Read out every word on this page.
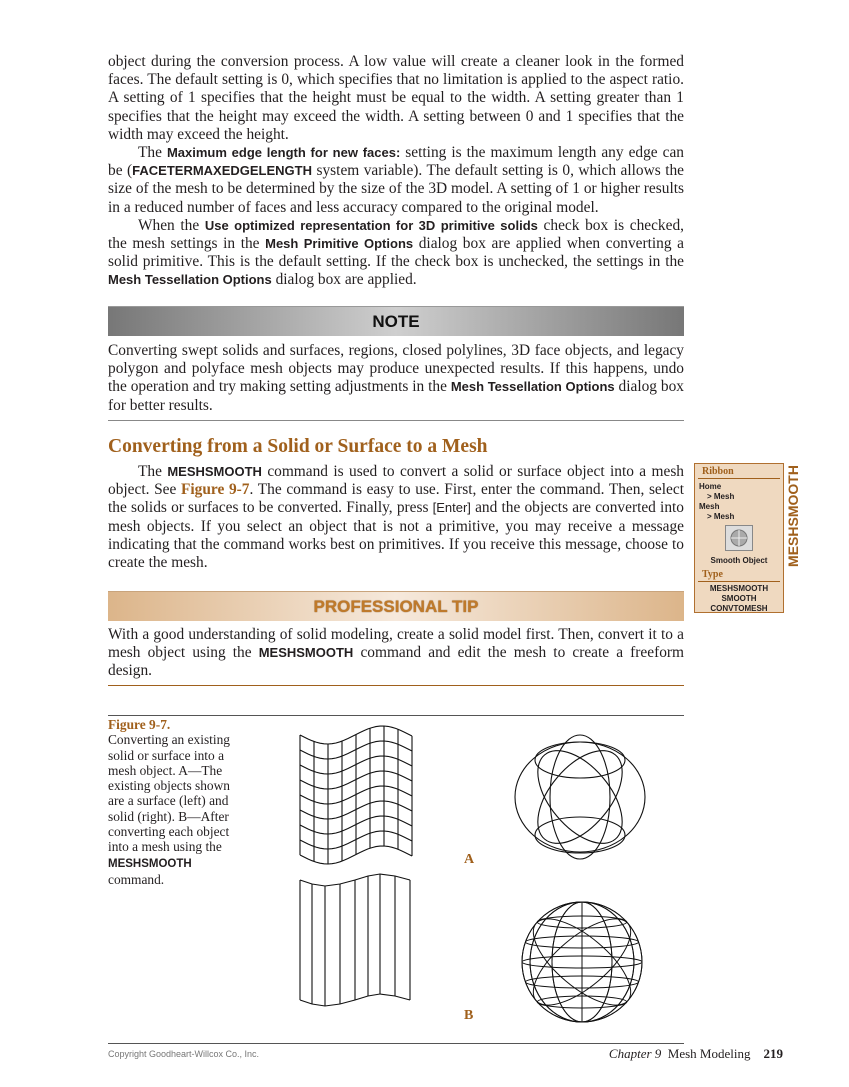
object during the conversion process. A low value will create a cleaner look in the formed faces. The default setting is 0, which specifies that no limitation is applied to the aspect ratio. A setting of 1 specifies that the height must be equal to the width. A setting greater than 1 specifies that the height may exceed the width. A setting between 0 and 1 specifies that the width may exceed the height.

The Maximum edge length for new faces: setting is the maximum length any edge can be (FACETERMAXEDGELENGTH system variable). The default setting is 0, which allows the size of the mesh to be determined by the size of the 3D model. A setting of 1 or higher results in a reduced number of faces and less accuracy compared to the original model.

When the Use optimized representation for 3D primitive solids check box is checked, the mesh settings in the Mesh Primitive Options dialog box are applied when converting a solid primitive. This is the default setting. If the check box is unchecked, the settings in the Mesh Tessellation Options dialog box are applied.

NOTE

Converting swept solids and surfaces, regions, closed polylines, 3D face objects, and legacy polygon and polyface mesh objects may produce unexpected results. If this happens, undo the operation and try making setting adjustments in the Mesh Tessellation Options dialog box for better results.

Converting from a Solid or Surface to a Mesh

The MESHSMOOTH command is used to convert a solid or surface object into a mesh object. See Figure 9-7. The command is easy to use. First, enter the command. Then, select the solids or surfaces to be converted. Finally, press [Enter] and the objects are converted into mesh objects. If you select an object that is not a primitive, you may receive a message indicating that the command works best on primitives. If you receive this message, choose to create the mesh.

PROFESSIONAL TIP

With a good understanding of solid modeling, create a solid model first. Then, convert it to a mesh object using the MESHSMOOTH command and edit the mesh to create a freeform design.

Ribbon
Home
> Mesh
Mesh
> Mesh
Smooth Object
Type
MESHSMOOTH
SMOOTH
CONVTOMESH
MESHSMOOTH
Figure 9-7.
Converting an existing solid or surface into a mesh object. A—The existing objects shown are a surface (left) and solid (right). B—After converting each object into a mesh using the MESHSMOOTH command.
A
B
Copyright Goodheart-Willcox Co., Inc.	Chapter 9 Mesh Modeling 219
